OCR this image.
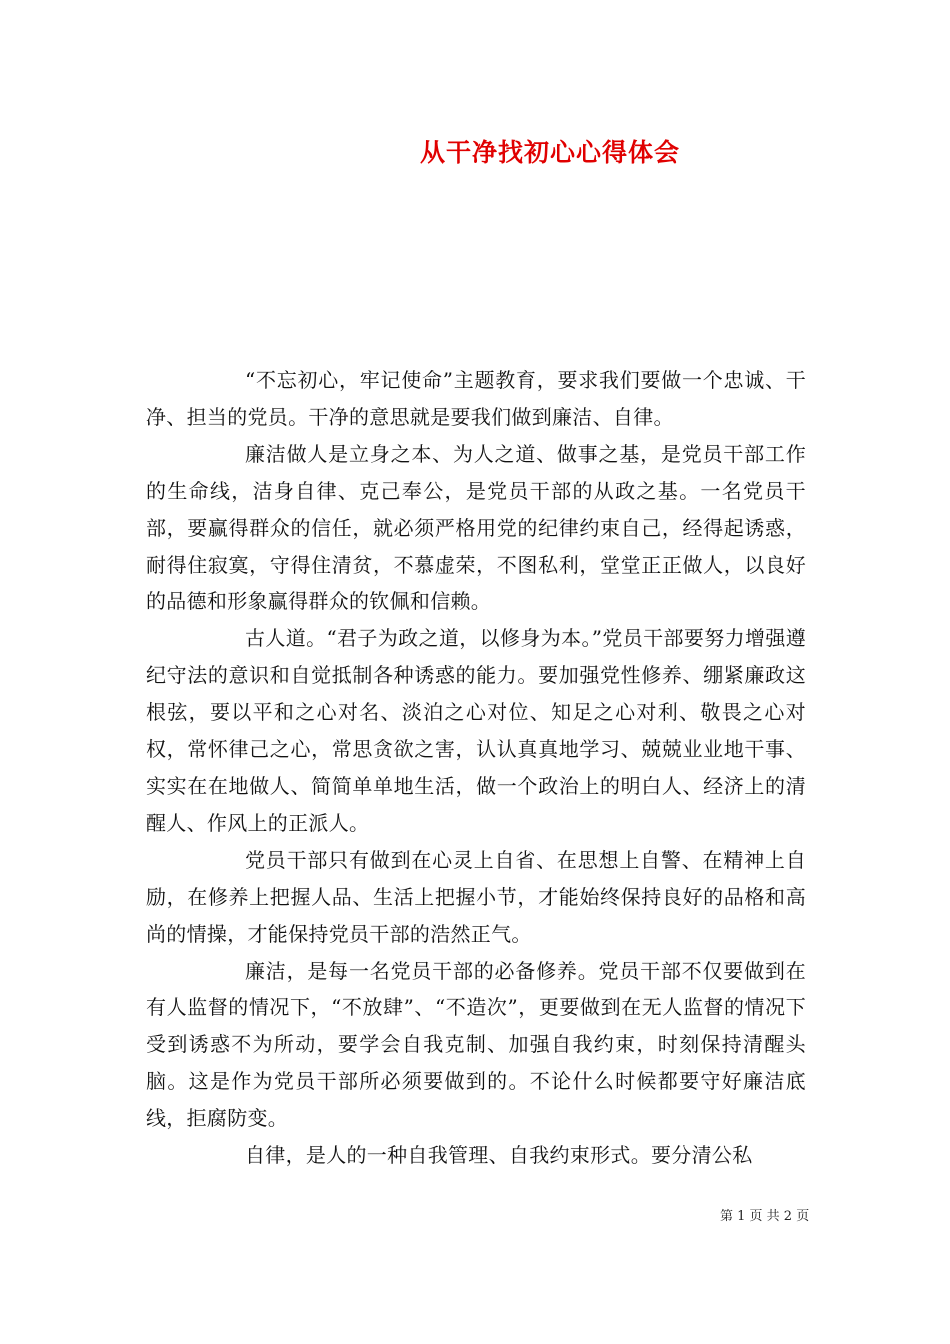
从干净找初心心得体会

“不忘初心，牢记使命”主题教育，要求我们要做一个忠诚、干净、担当的党员。干净的意思就是要我们做到廉洁、自律。

廉洁做人是立身之本、为人之道、做事之基，是党员干部工作的生命线，洁身自律、克己奉公，是党员干部的从政之基。一名党员干部，要赢得群众的信任，就必须严格用党的纪律约束自己，经得起诱惑，耐得住寂寞，守得住清贫，不慕虚荣，不图私利，堂堂正正做人，以良好的品德和形象赢得群众的钦佩和信赖。

古人道。“君子为政之道，以修身为本。”党员干部要努力增强遵纪守法的意识和自觉抵制各种诱惑的能力。要加强党性修养、绷紧廉政这根弦，要以平和之心对名、淡泊之心对位、知足之心对利、敬畏之心对权，常怀律己之心，常思贪欲之害，认认真真地学习、兢兢业业地干事、实实在在地做人、简简单单地生活，做一个政治上的明白人、经济上的清醒人、作风上的正派人。

党员干部只有做到在心灵上自省、在思想上自警、在精神上自励，在修养上把握人品、生活上把握小节，才能始终保持良好的品格和高尚的情操，才能保持党员干部的浩然正气。

廉洁，是每一名党员干部的必备修养。党员干部不仅要做到在有人监督的情况下，“不放肆”、“不造次”，更要做到在无人监督的情况下受到诱惑不为所动，要学会自我克制、加强自我约束，时刻保持清醒头脑。这是作为党员干部所必须要做到的。不论什么时候都要守好廉洁底线，拒腐防变。

自律，是人的一种自我管理、自我约束形式。要分清公私

第 1 页 共 2 页
